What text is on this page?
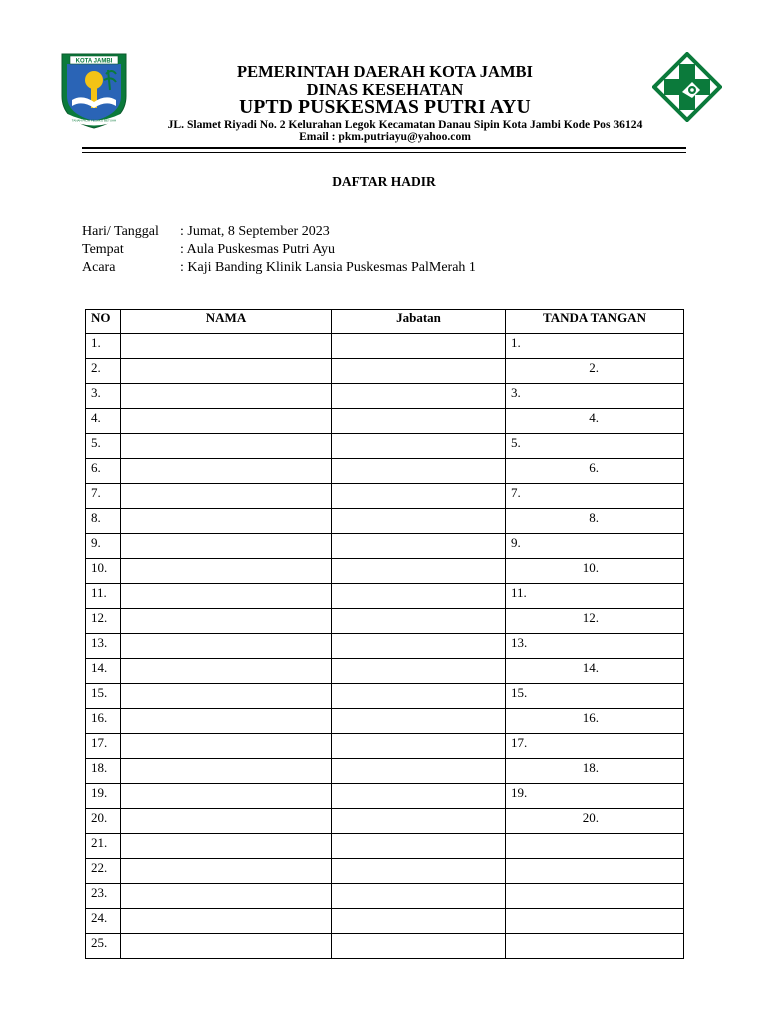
KOTA JAMBI
TANAH PILIH PESAKO BETUAH
PEMERINTAH DAERAH KOTA JAMBI
DINAS KESEHATAN
UPTD PUSKESMAS PUTRI AYU
JL. Slamet Riyadi No. 2 Kelurahan Legok Kecamatan Danau Sipin Kota Jambi Kode Pos 36124
Email : pkm.putriayu@yahoo.com
DAFTAR HADIR
Hari/ Tanggal : Jumat, 8 September 2023
Tempat	: Aula Puskesmas Putri Ayu
Acara	: Kaji Banding Klinik Lansia Puskesmas PalMerah 1
NO	NAMA	Jabatan	TANDA TANGAN
1.			1.
2.			2.
3.			3.
4.			4.
5.			5.
6.			6.
7.			7.
8.			8.
9.			9.
10.			10.
11.			11.
12.			12.
13.			13.
14.			14.
15.			15.
16.			16.
17.			17.
18.			18.
19.			19.
20.			20.
21.			
22.			
23.			
24.			
25.			
